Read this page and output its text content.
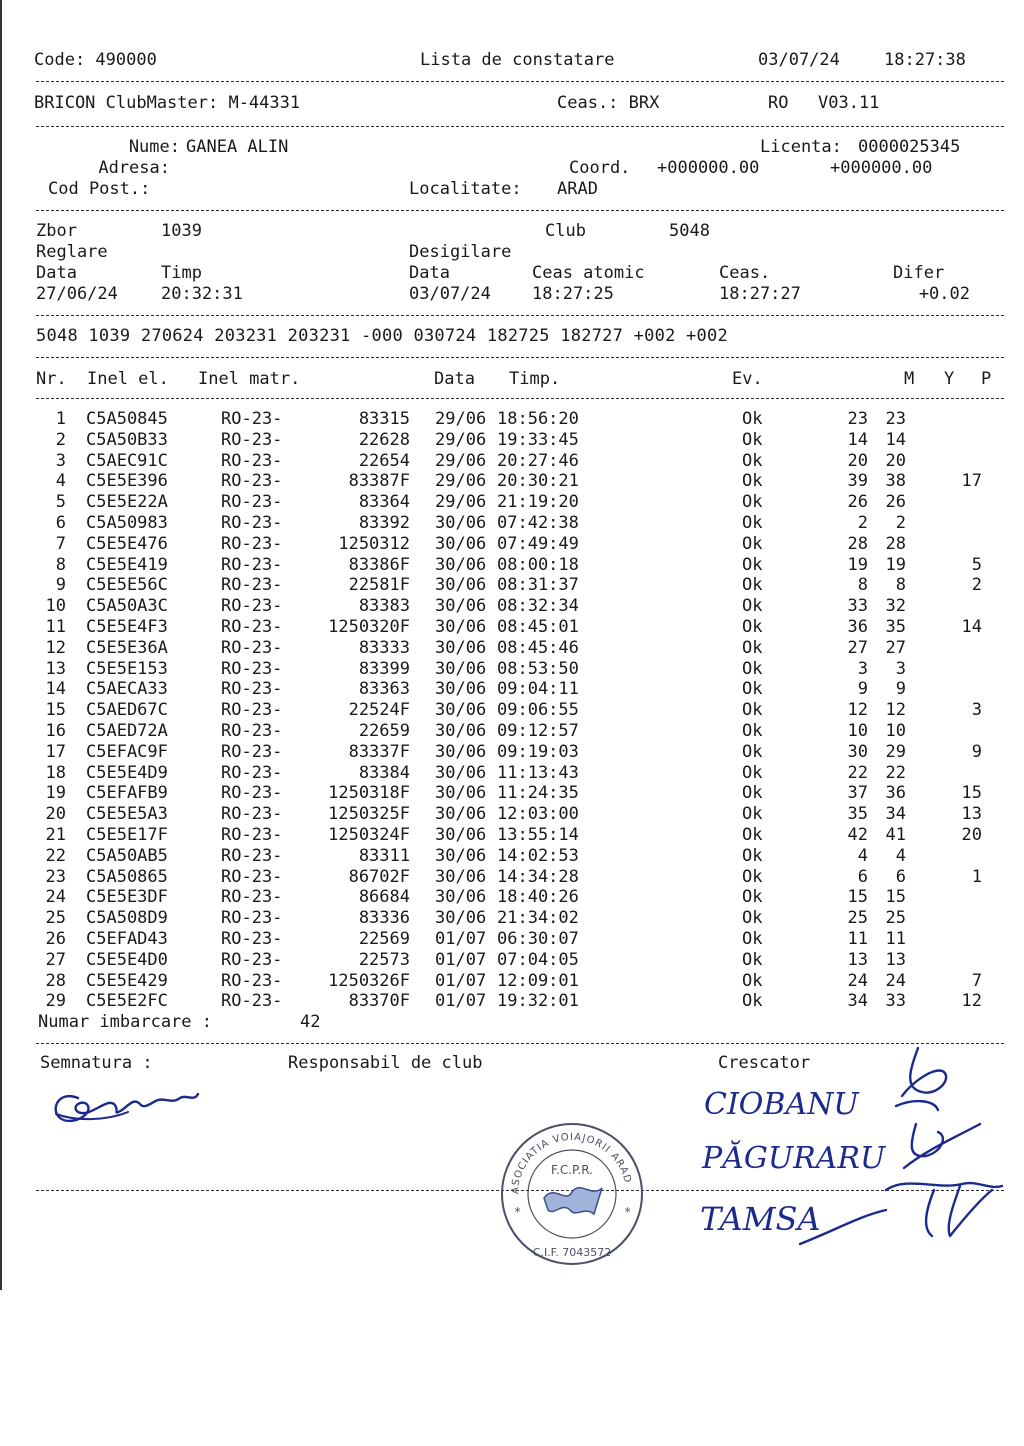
Code: 490000	Lista de constatare	03/07/24	18:27:38
BRICON ClubMaster: M-44331	Ceas.: BRX	RO V03.11
Nume: GANEA ALIN	Licenta: 0000025345
Adresa:	Coord. +000000.00	+000000.00
Cod Post.:	Localitate: ARAD
Zbor	1039	Club	5048
Reglare	Desigilare
Data	Timp	Data	Ceas atomic	Ceas.	Difer
27/06/24	20:32:31	03/07/24 18:27:25	18:27:27	+0.02
5048 1039 270624 203231 203231 -000 030724 182725 182727 +002 +002
Nr. Inel el. Inel matr.	Data Timp.	Ev.	M Y P
1 C5A50845	RO-23-	83315 29/06 18:56:20	Ok	23	23
2 C5A50B33	RO-23-	22628 29/06 19:33:45	Ok	14	14
3 C5AEC91C	RO-23-	22654 29/06 20:27:46	Ok	20	20
4 C5E5E396	RO-23-	83387F 29/06 20:30:21	Ok	39	38	17
5 C5E5E22A	RO-23-	83364 29/06 21:19:20	Ok	26	26
6 C5A50983	RO-23-	83392 30/06 07:42:38	Ok	2	2
7 C5E5E476	RO-23-	1250312 30/06 07:49:49	Ok	28	28
8 C5E5E419	RO-23-	83386F 30/06 08:00:18	Ok	19	19	5
9 C5E5E56C	RO-23-	22581F 30/06 08:31:37	Ok	8	8	2
10 C5A50A3C	RO-23-	83383 30/06 08:32:34	Ok	33	32
11 C5E5E4F3	RO-23-	1250320F 30/06 08:45:01	Ok	36	35	14
12 C5E5E36A	RO-23-	83333 30/06 08:45:46	Ok	27	27
13 C5E5E153	RO-23-	83399 30/06 08:53:50	Ok	3	3
14 C5AECA33	RO-23-	83363 30/06 09:04:11	Ok	9	9
15 C5AED67C	RO-23-	22524F 30/06 09:06:55	Ok	12	12	3
16 C5AED72A	RO-23-	22659 30/06 09:12:57	Ok	10	10
17 C5EFAC9F	RO-23-	83337F 30/06 09:19:03	Ok	30	29	9
18 C5E5E4D9	RO-23-	83384 30/06 11:13:43	Ok	22	22
19 C5EFAFB9	RO-23-	1250318F 30/06 11:24:35	Ok	37	36	15
20 C5E5E5A3	RO-23-	1250325F 30/06 12:03:00	Ok	35	34	13
21 C5E5E17F	RO-23-	1250324F 30/06 13:55:14	Ok	42	41	20
22 C5A50AB5	RO-23-	83311 30/06 14:02:53	Ok	4	4
23 C5A50865	RO-23-	86702F 30/06 14:34:28	Ok	6	6	1
24 C5E5E3DF	RO-23-	86684 30/06 18:40:26	Ok	15	15
25 C5A508D9	RO-23-	83336 30/06 21:34:02	Ok	25	25
26 C5EFAD43	RO-23-	22569 01/07 06:30:07	Ok	11	11
27 C5E5E4D0	RO-23-	22573 01/07 07:04:05	Ok	13	13
28 C5E5E429	RO-23-	1250326F 01/07 12:09:01	Ok	24	24	7
29 C5E5E2FC	RO-23-	83370F 01/07 19:32:01	Ok	34	33	12
Numar imbarcare :	42
Semnatura :	Responsabil de club	Crescator
ASOCIATIA VOIAJORII ARAD
F.C.P.R.
C.I.F. 7043572
*	*
CIOBANU
PĂGURARU
TAMSA
